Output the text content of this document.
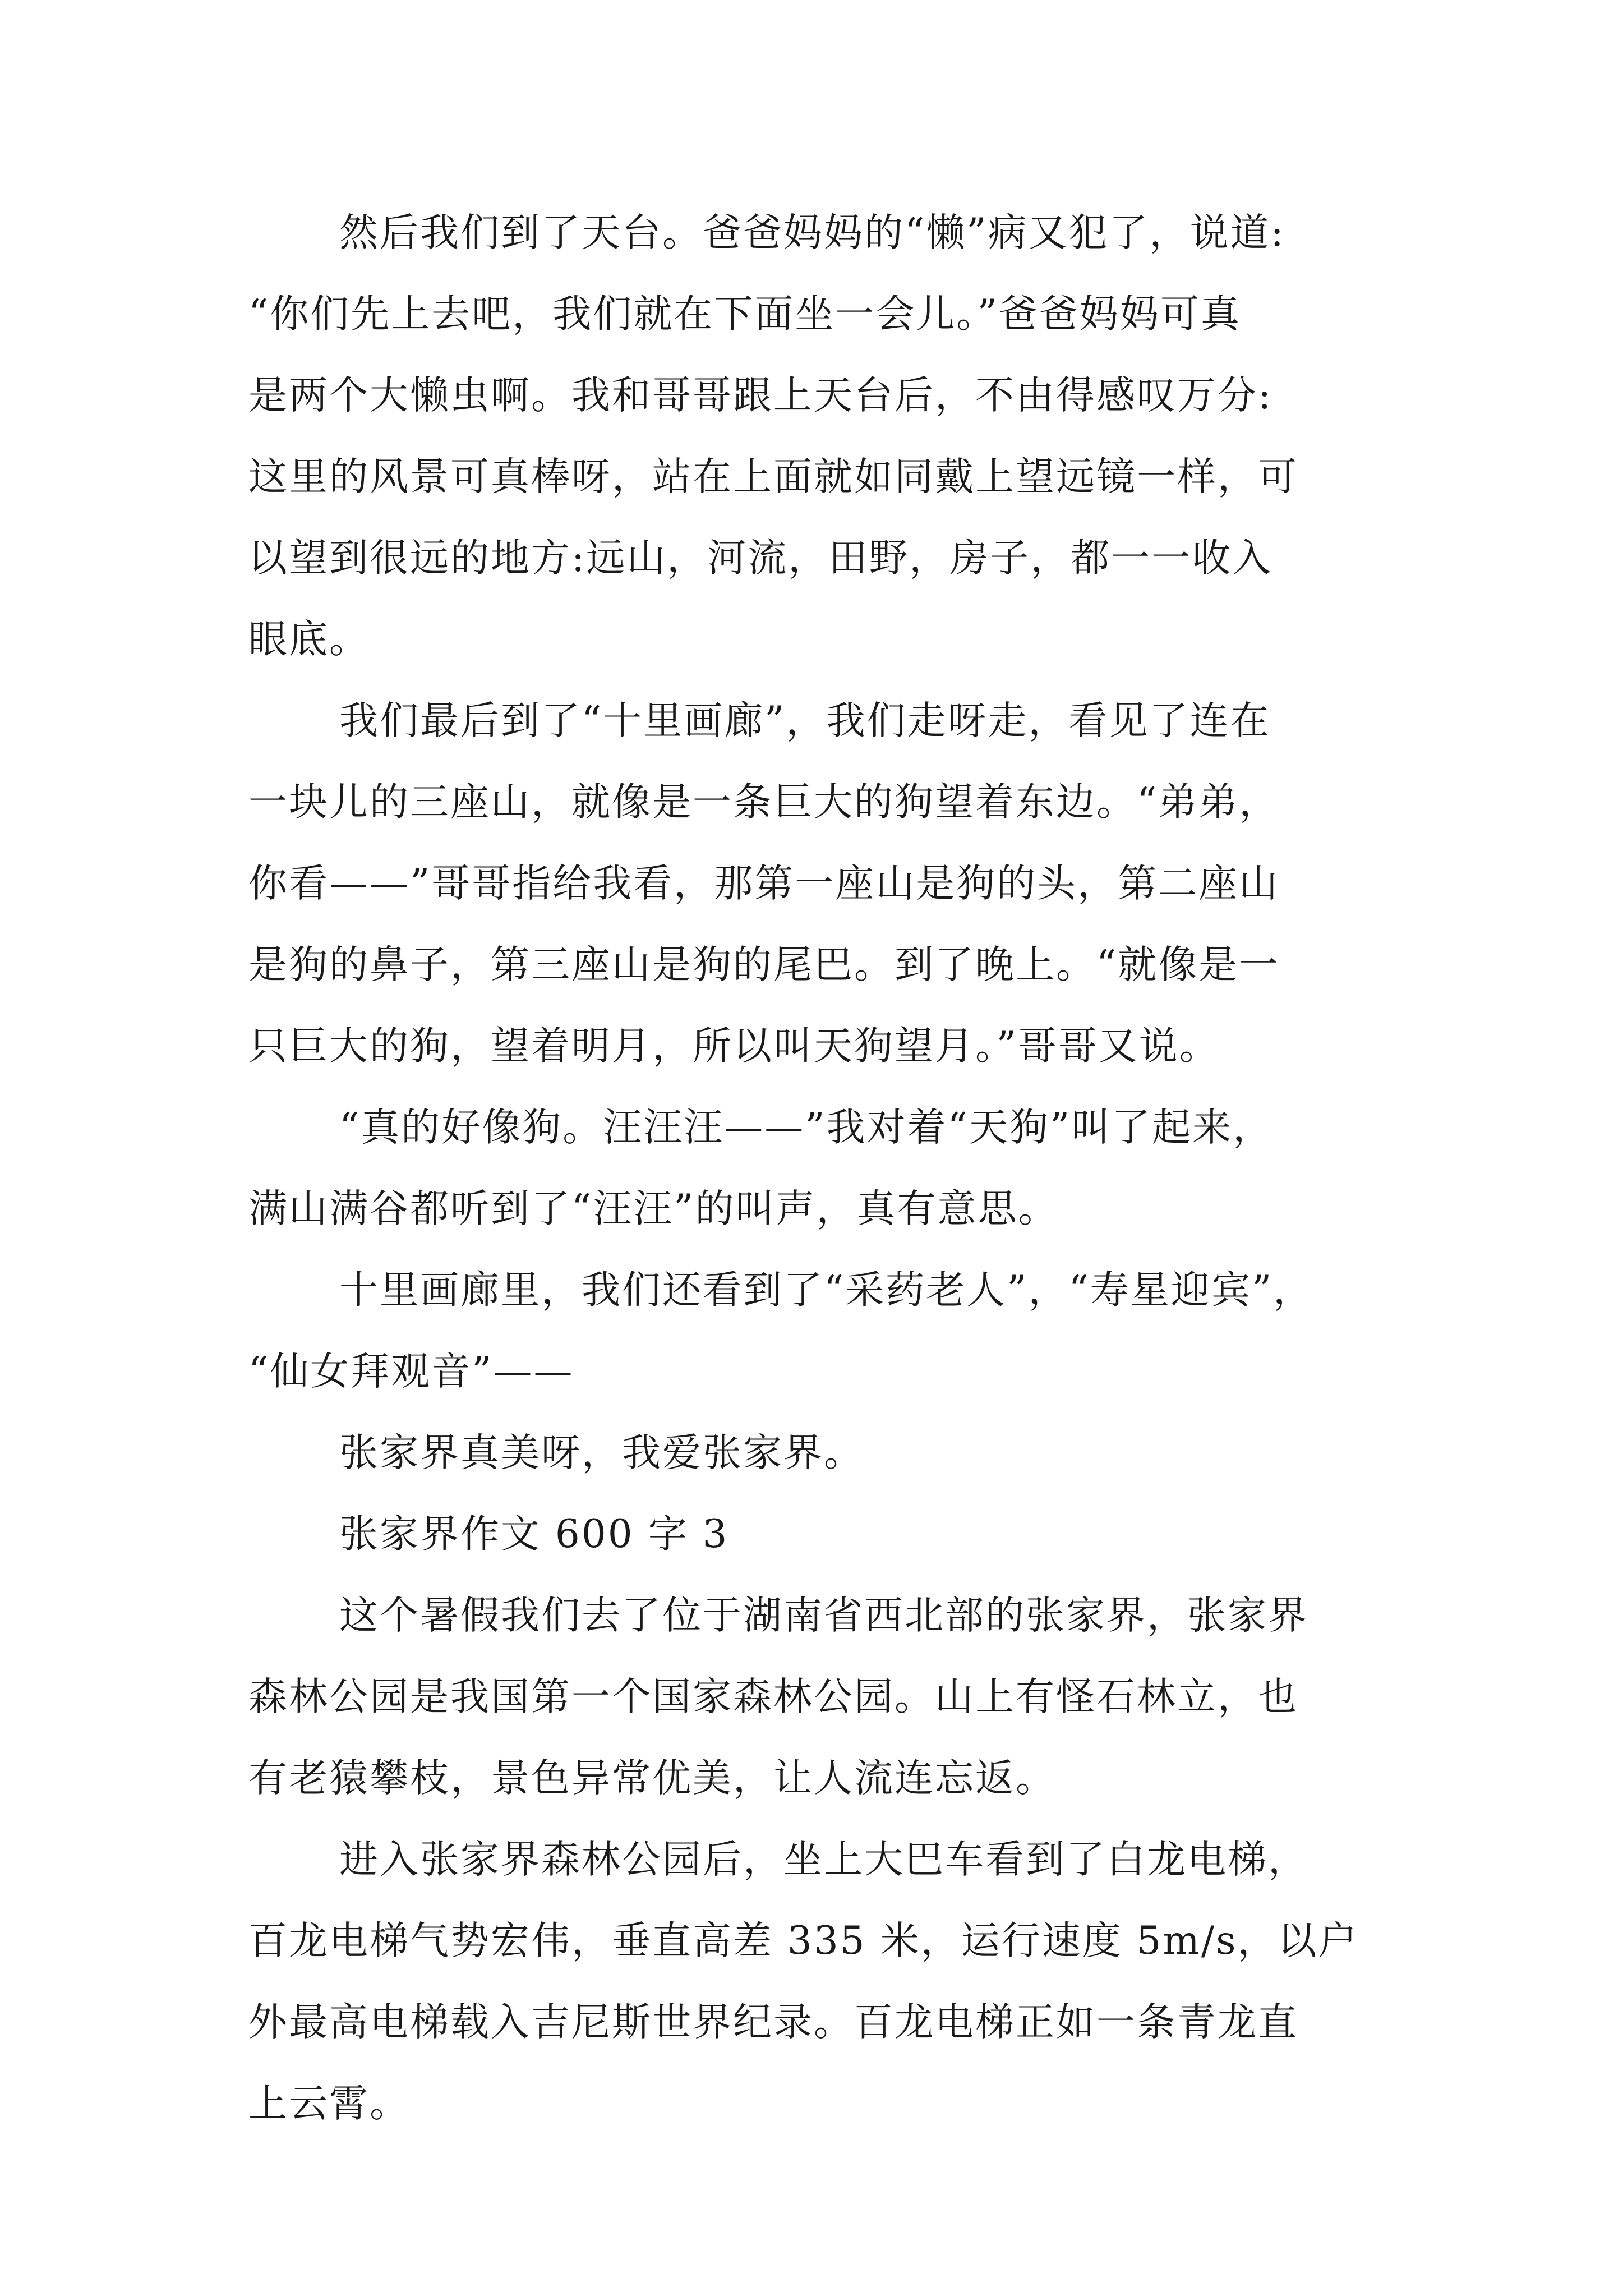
然后我们到了天台。爸爸妈妈的“懒”病又犯了，说道:

“你们先上去吧，我们就在下面坐一会儿。”爸爸妈妈可真

是两个大懒虫啊。我和哥哥跟上天台后，不由得感叹万分:

这里的风景可真棒呀，站在上面就如同戴上望远镜一样，可

以望到很远的地方:远山，河流，田野，房子，都一一收入

眼底。

我们最后到了“十里画廊”，我们走呀走，看见了连在

一块儿的三座山，就像是一条巨大的狗望着东边。“弟弟，

你看——”哥哥指给我看，那第一座山是狗的头，第二座山

是狗的鼻子，第三座山是狗的尾巴。到了晚上。“就像是一

只巨大的狗，望着明月，所以叫天狗望月。”哥哥又说。

“真的好像狗。汪汪汪——”我对着“天狗”叫了起来，

满山满谷都听到了“汪汪”的叫声，真有意思。

十里画廊里，我们还看到了“采药老人”，“寿星迎宾”，

“仙女拜观音”——

张家界真美呀，我爱张家界。

张家界作文 600 字 3

这个暑假我们去了位于湖南省西北部的张家界，张家界

森林公园是我国第一个国家森林公园。山上有怪石林立，也

有老猿攀枝，景色异常优美，让人流连忘返。

进入张家界森林公园后，坐上大巴车看到了白龙电梯，

百龙电梯气势宏伟，垂直高差 335 米，运行速度 5m/s，以户

外最高电梯载入吉尼斯世界纪录。百龙电梯正如一条青龙直

上云霄。
